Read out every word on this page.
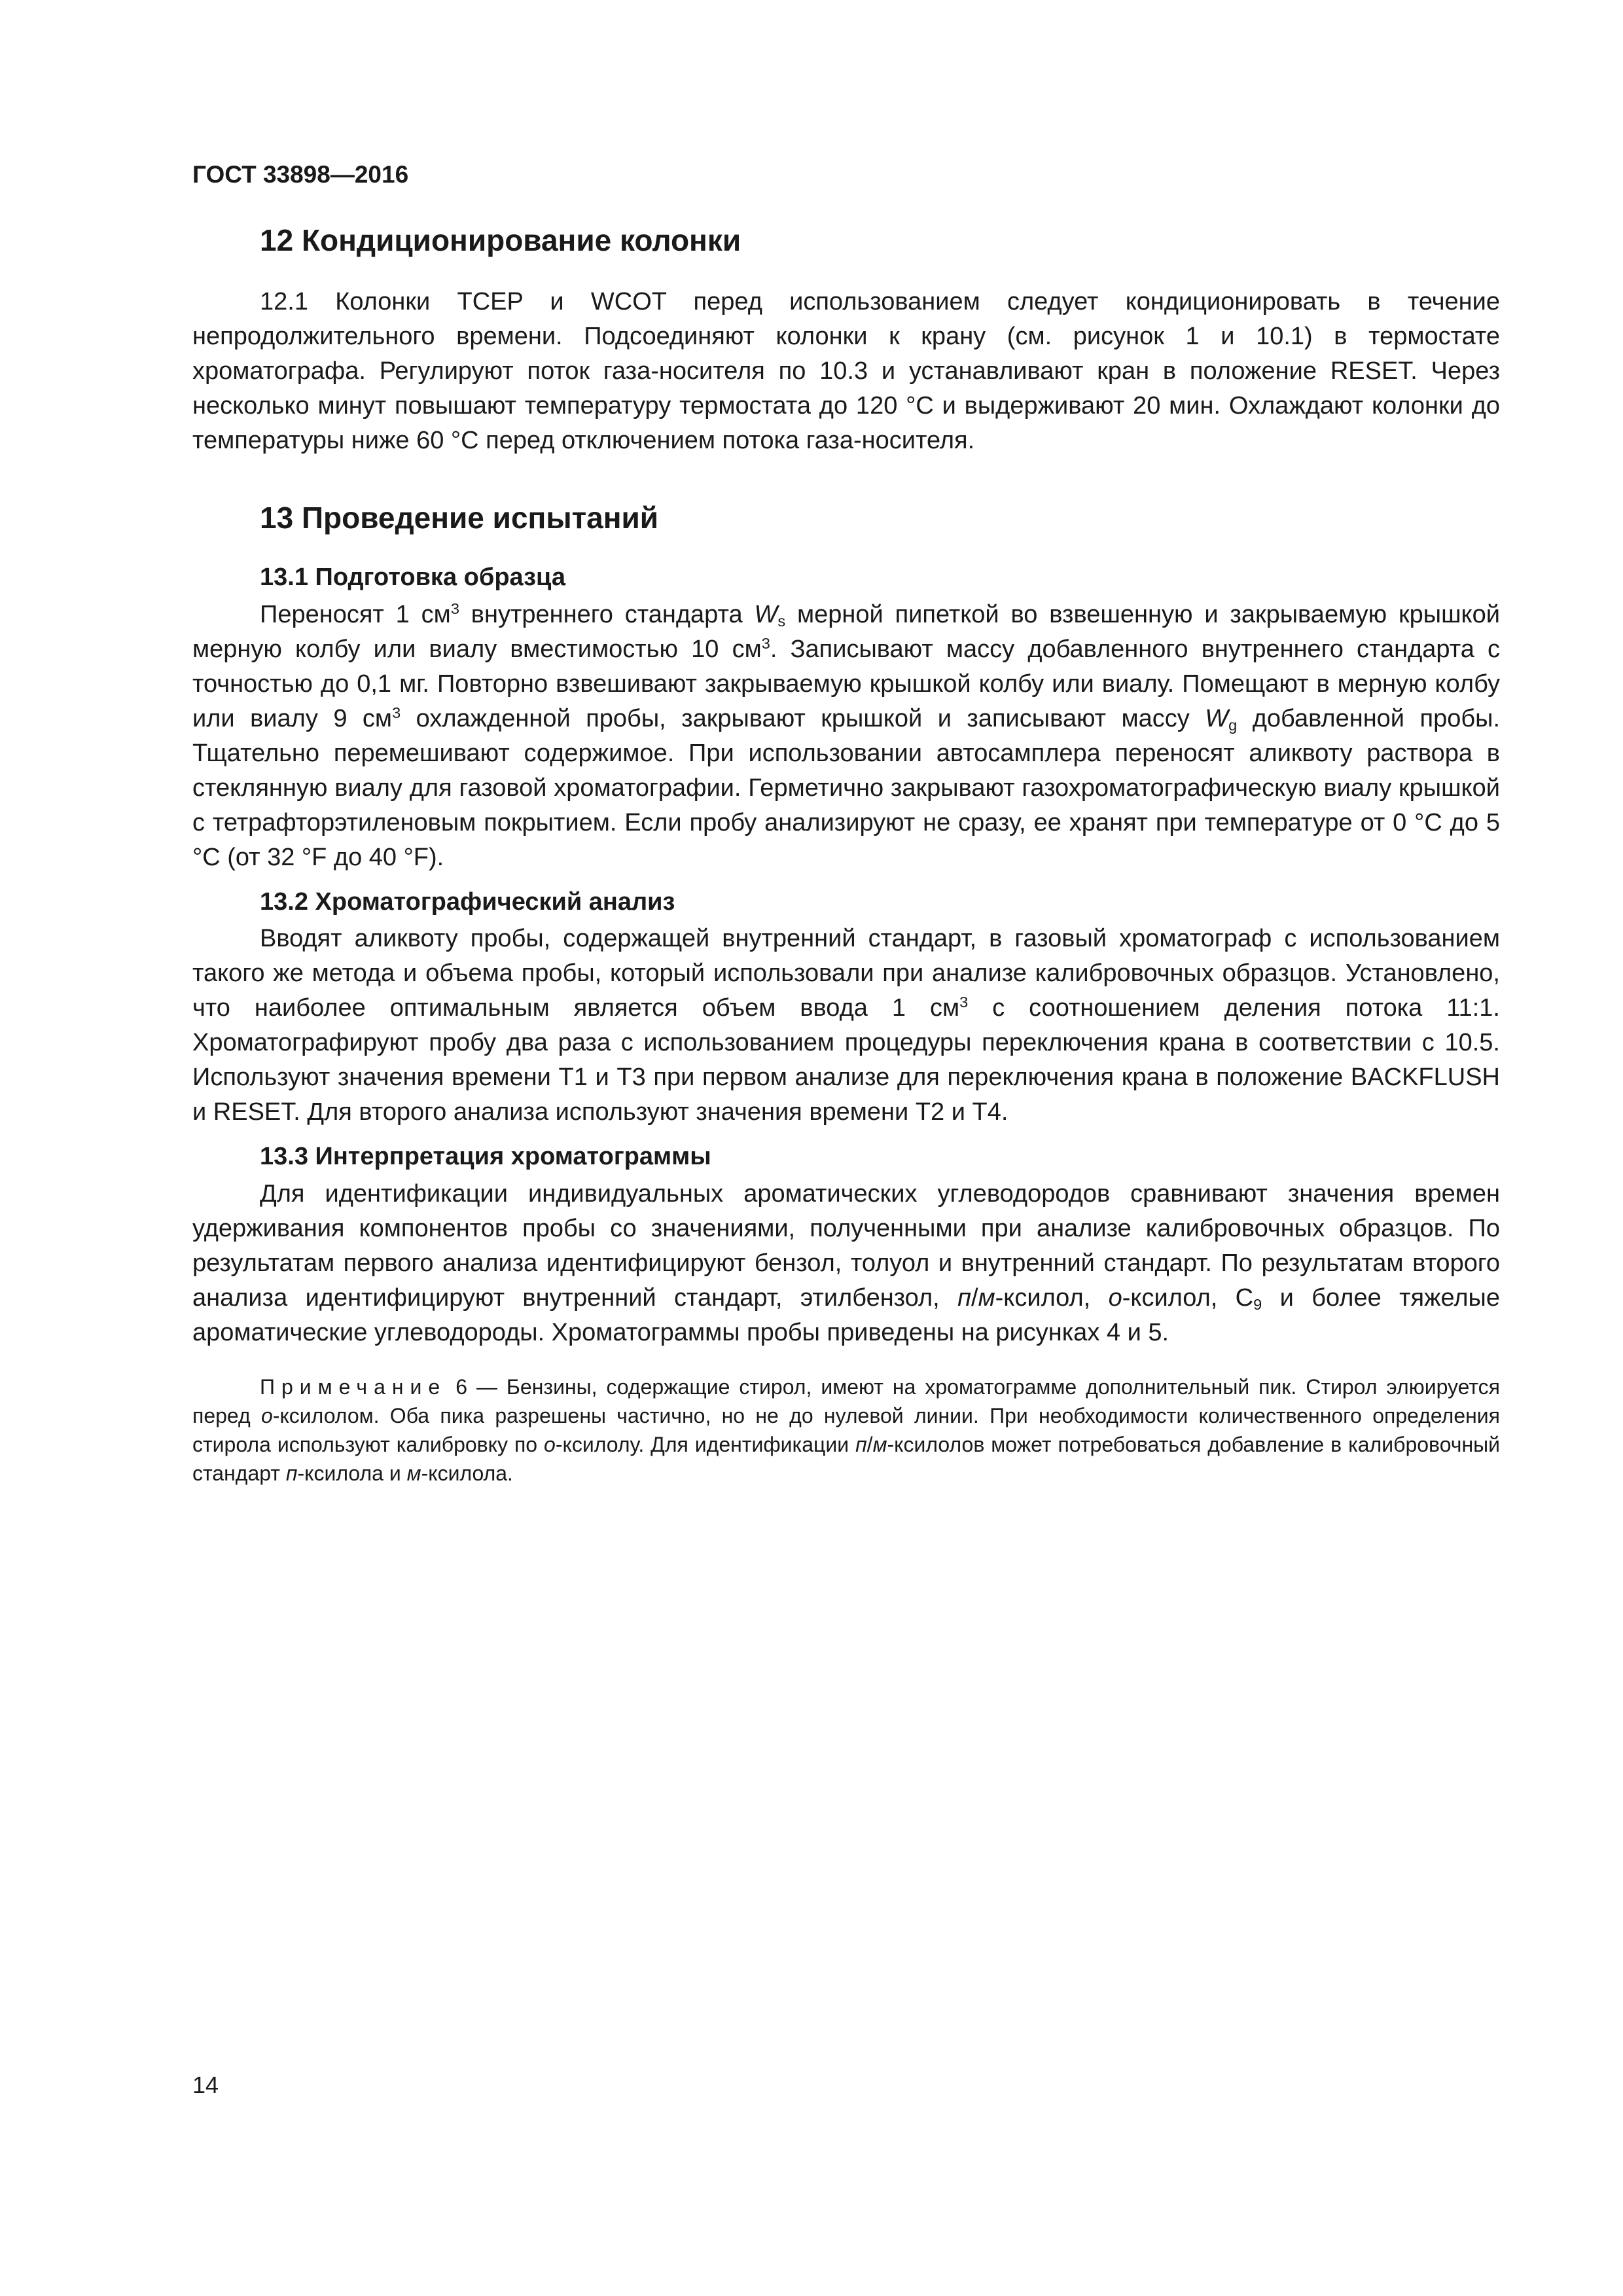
ГОСТ 33898—2016
12 Кондиционирование колонки

12.1 Колонки TCEP и WCOT перед использованием следует кондиционировать в течение непродолжительного времени. Подсоединяют колонки к крану (см. рисунок 1 и 10.1) в термостате хроматографа. Регулируют поток газа-носителя по 10.3 и устанавливают кран в положение RESET. Через несколько минут повышают температуру термостата до 120 °С и выдерживают 20 мин. Охлаждают колонки до температуры ниже 60 °С перед отключением потока газа-носителя.

13 Проведение испытаний
13.1 Подготовка образца

Переносят 1 $см^3$ внутреннего стандарта $W_s$ мерной пипеткой во взвешенную и закрываемую крышкой мерную колбу или виалу вместимостью 10 $см^3$. Записывают массу добавленного внутреннего стандарта с точностью до 0,1 мг. Повторно взвешивают закрываемую крышкой колбу или виалу. Помещают в мерную колбу или виалу 9 $см^3$ охлажденной пробы, закрывают крышкой и записывают массу $W_g$ добавленной пробы. Тщательно перемешивают содержимое. При использовании автосамплера переносят аликвоту раствора в стеклянную виалу для газовой хроматографии. Герметично закрывают газохроматографическую виалу крышкой с тетрафторэтиленовым покрытием. Если пробу анализируют не сразу, ее хранят при температуре от 0 °С до 5 °С (от 32 °F до 40 °F).

13.2 Хроматографический анализ

Вводят аликвоту пробы, содержащей внутренний стандарт, в газовый хроматограф с использованием такого же метода и объема пробы, который использовали при анализе калибровочных образцов. Установлено, что наиболее оптимальным является объем ввода 1 $см^3$ с соотношением деления потока 11:1. Хроматографируют пробу два раза с использованием процедуры переключения крана в соответствии с 10.5. Используют значения времени Т1 и Т3 при первом анализе для переключения крана в положение BACKFLUSH и RESET. Для второго анализа используют значения времени Т2 и Т4.

13.3 Интерпретация хроматограммы

Для идентификации индивидуальных ароматических углеводородов сравнивают значения времен удерживания компонентов пробы со значениями, полученными при анализе калибровочных образцов. По результатам первого анализа идентифицируют бензол, толуол и внутренний стандарт. По результатам второго анализа идентифицируют внутренний стандарт, этилбензол, п/м-ксилол, о-ксилол, $C_9$ и более тяжелые ароматические углеводороды. Хроматограммы пробы приведены на рисунках 4 и 5.

Примечание 6 — Бензины, содержащие стирол, имеют на хроматограмме дополнительный пик. Стирол элюируется перед о-ксилолом. Оба пика разрешены частично, но не до нулевой линии. При необходимости количественного определения стирола используют калибровку по о-ксилолу. Для идентификации п/м-ксилолов может потребоваться добавление в калибровочный стандарт п-ксилола и м-ксилола.

14
